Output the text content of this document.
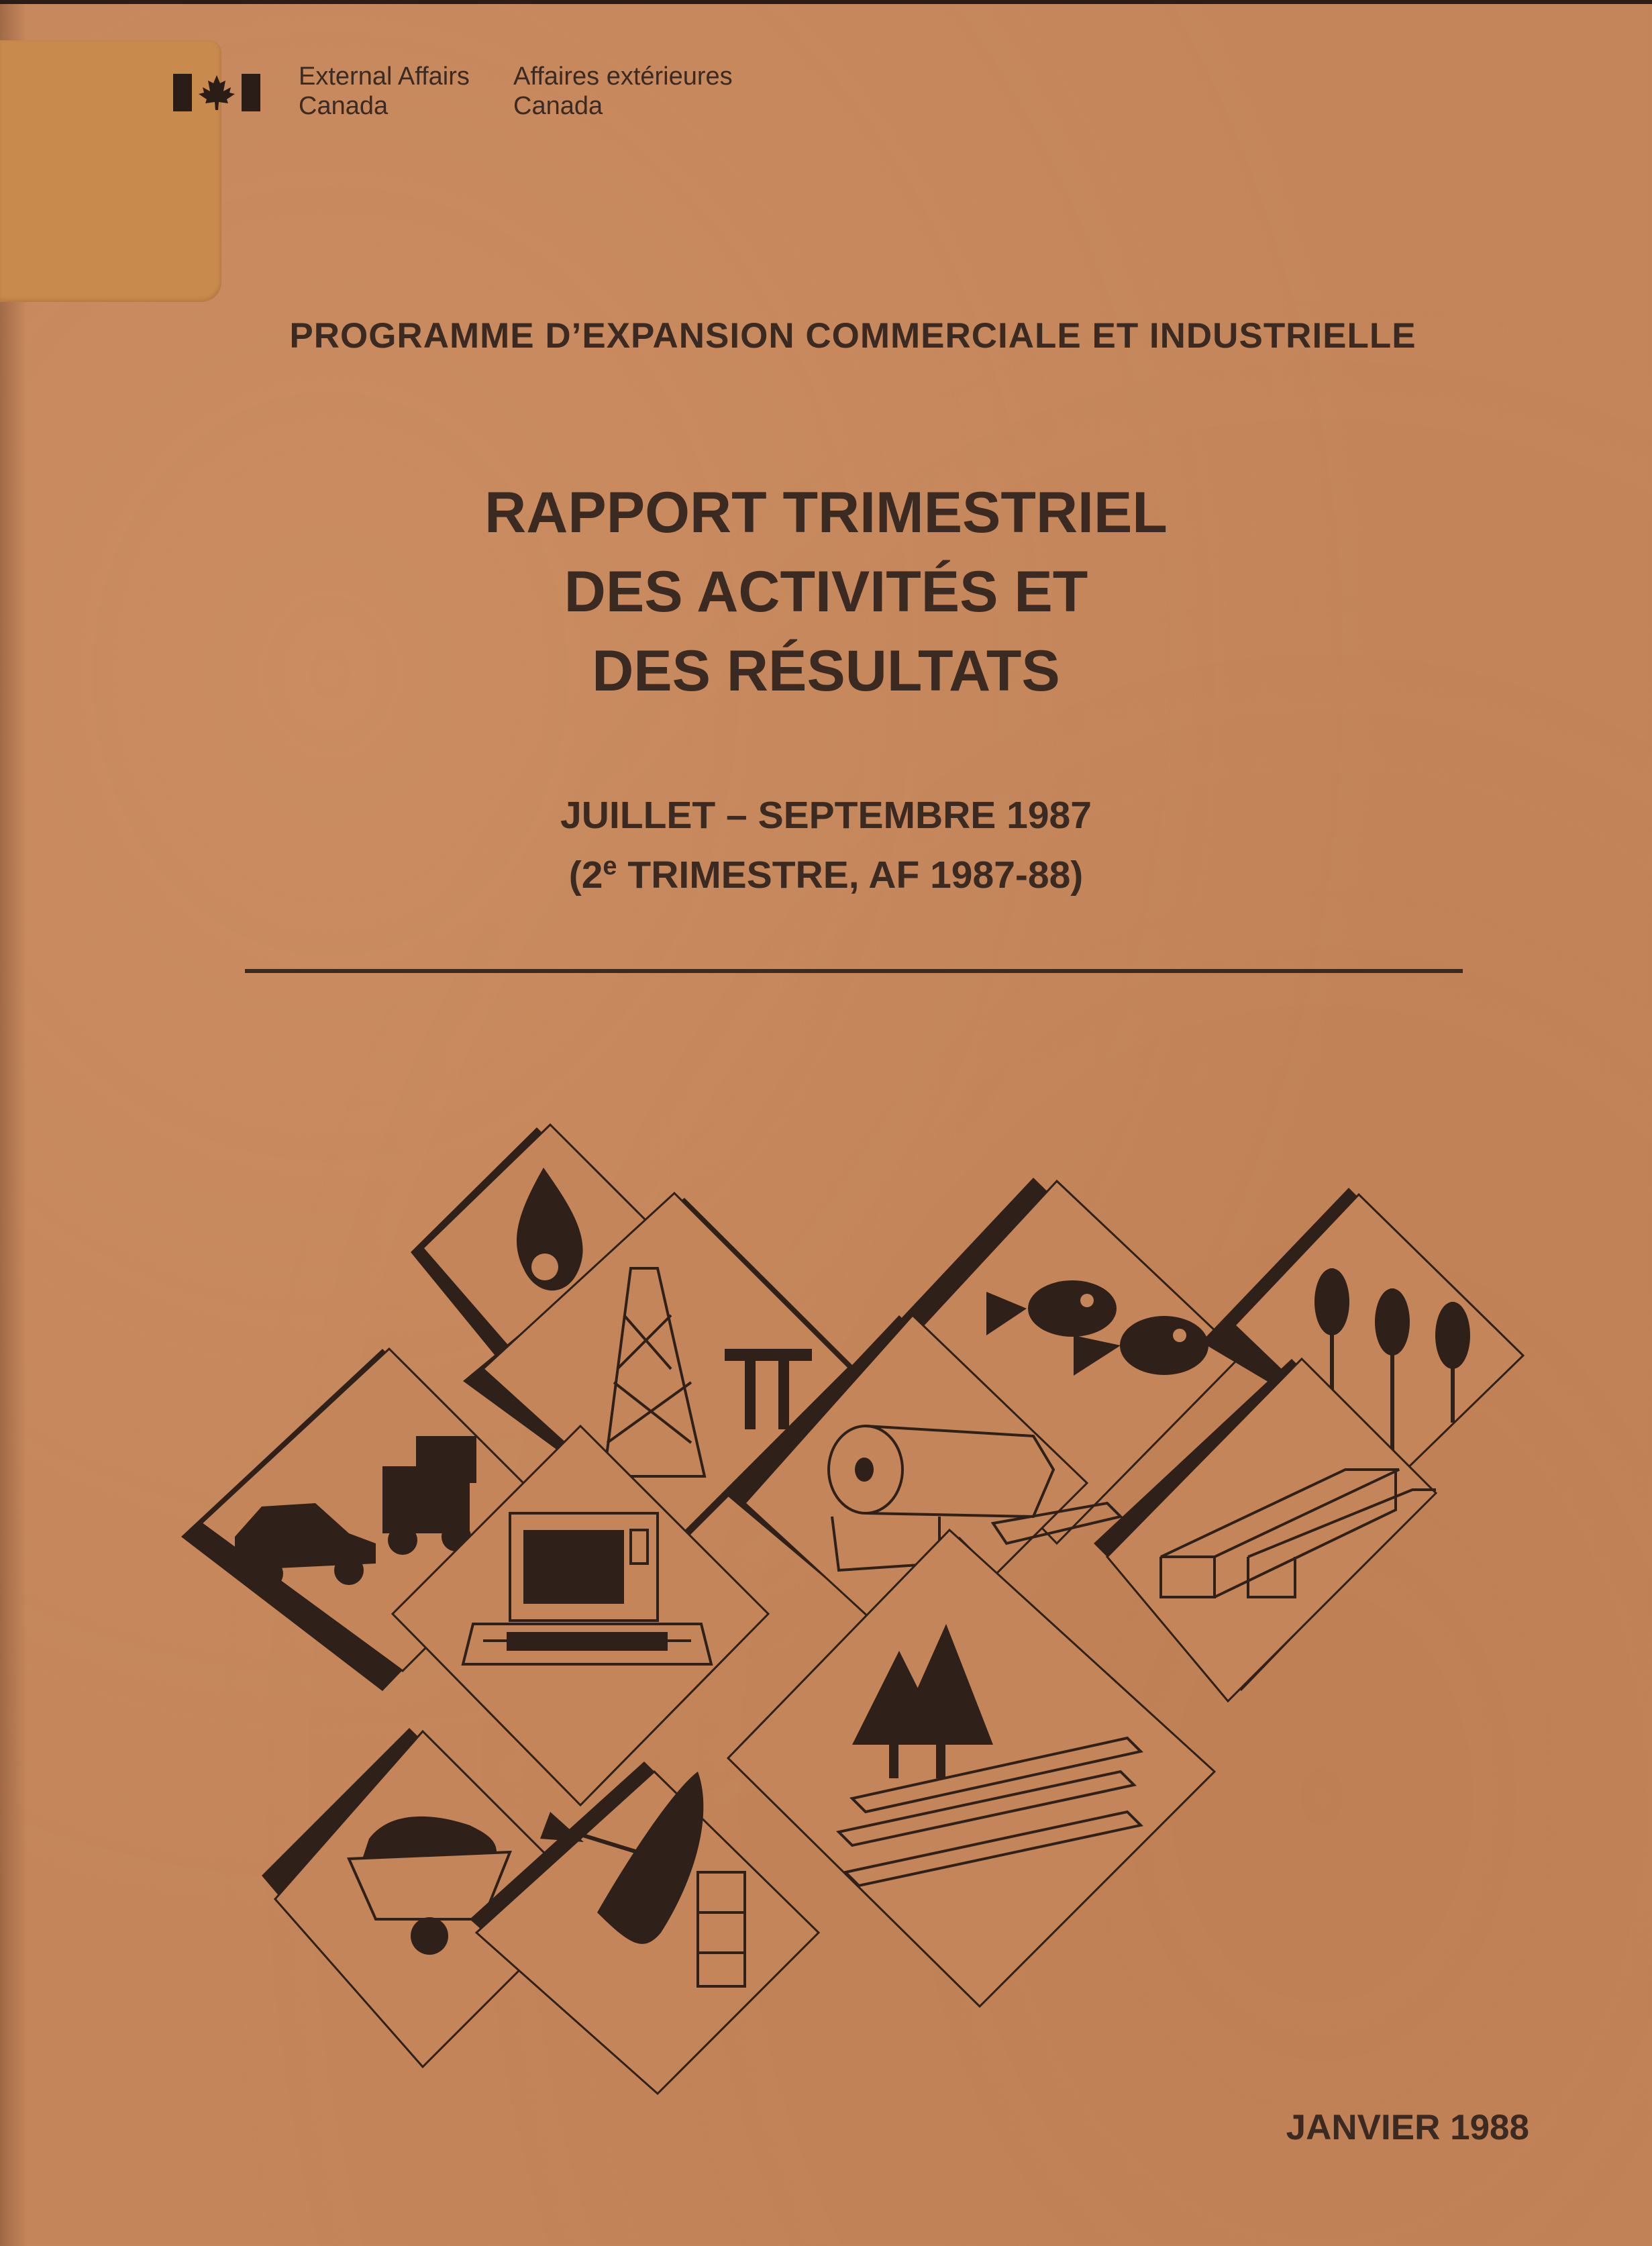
External Affairs
Canada
Affaires extérieures
Canada
PROGRAMME D’EXPANSION COMMERCIALE ET INDUSTRIELLE
RAPPORT TRIMESTRIEL
DES ACTIVITÉS ET
DES RÉSULTATS
JUILLET – SEPTEMBRE 1987
(2e TRIMESTRE, AF 1987-88)
JANVIER 1988
